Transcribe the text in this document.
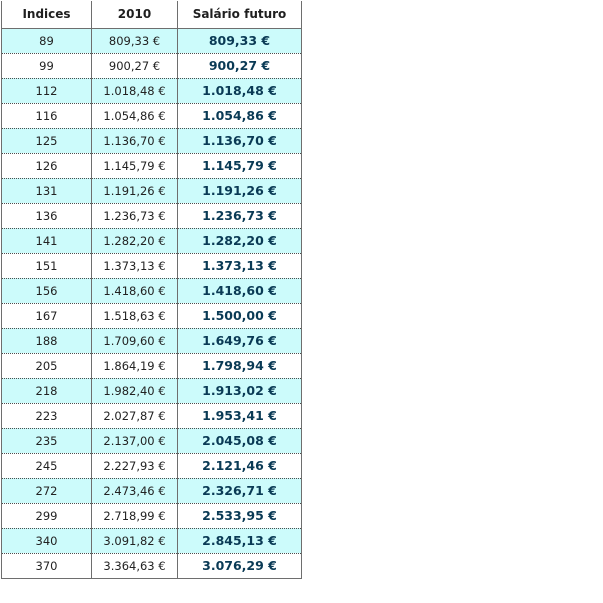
Indices	2010	Salário futuro
89	809,33 €	809,33 €
99	900,27 €	900,27 €
112	1.018,48 €	1.018,48 €
116	1.054,86 €	1.054,86 €
125	1.136,70 €	1.136,70 €
126	1.145,79 €	1.145,79 €
131	1.191,26 €	1.191,26 €
136	1.236,73 €	1.236,73 €
141	1.282,20 €	1.282,20 €
151	1.373,13 €	1.373,13 €
156	1.418,60 €	1.418,60 €
167	1.518,63 €	1.500,00 €
188	1.709,60 €	1.649,76 €
205	1.864,19 €	1.798,94 €
218	1.982,40 €	1.913,02 €
223	2.027,87 €	1.953,41 €
235	2.137,00 €	2.045,08 €
245	2.227,93 €	2.121,46 €
272	2.473,46 €	2.326,71 €
299	2.718,99 €	2.533,95 €
340	3.091,82 €	2.845,13 €
370	3.364,63 €	3.076,29 €
